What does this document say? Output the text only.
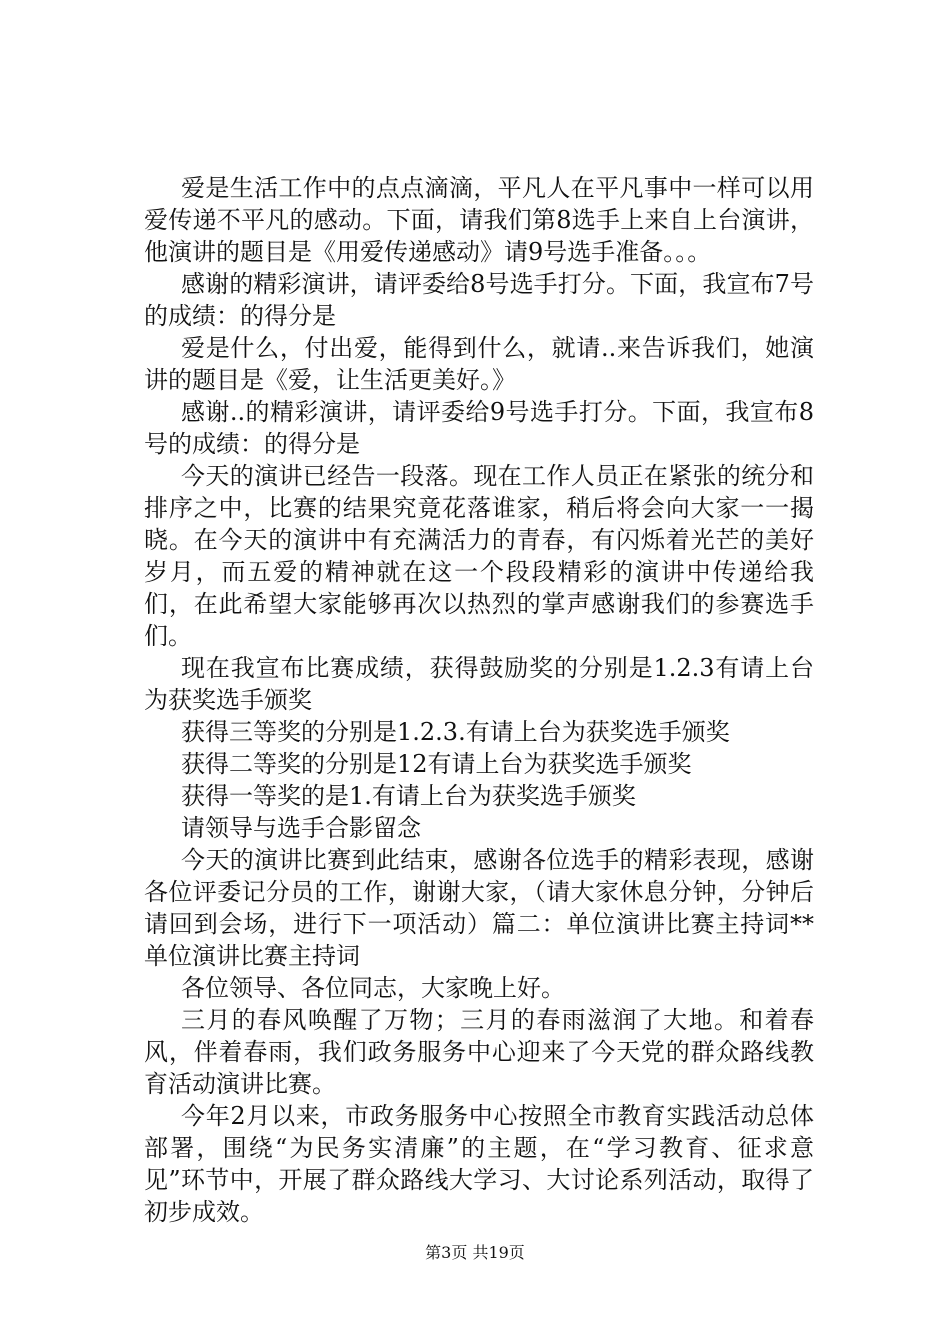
爱是生活工作中的点点滴滴，平凡人在平凡事中一样可以用爱传递不平凡的感动。下面，请我们第8选手上来自上台演讲，他演讲的题目是《用爱传递感动》请9号选手准备。。。

感谢的精彩演讲，请评委给8号选手打分。下面，我宣布7号的成绩：的得分是

爱是什么，付出爱，能得到什么，就请..来告诉我们，她演讲的题目是《爱，让生活更美好。》

感谢..的精彩演讲，请评委给9号选手打分。下面，我宣布8号的成绩：的得分是

今天的演讲已经告一段落。现在工作人员正在紧张的统分和排序之中，比赛的结果究竟花落谁家，稍后将会向大家一一揭晓。在今天的演讲中有充满活力的青春，有闪烁着光芒的美好岁月，而五爱的精神就在这一个段段精彩的演讲中传递给我们，在此希望大家能够再次以热烈的掌声感谢我们的参赛选手们。

现在我宣布比赛成绩，获得鼓励奖的分别是1.2.3有请上台为获奖选手颁奖

获得三等奖的分别是1.2.3.有请上台为获奖选手颁奖

获得二等奖的分别是12有请上台为获奖选手颁奖

获得一等奖的是1.有请上台为获奖选手颁奖

请领导与选手合影留念

今天的演讲比赛到此结束，感谢各位选手的精彩表现，感谢各位评委记分员的工作，谢谢大家，（请大家休息分钟，分钟后请回到会场，进行下一项活动）篇二：单位演讲比赛主持词**单位演讲比赛主持词

各位领导、各位同志，大家晚上好。

三月的春风唤醒了万物；三月的春雨滋润了大地。和着春风，伴着春雨，我们政务服务中心迎来了今天党的群众路线教育活动演讲比赛。

今年2月以来，市政务服务中心按照全市教育实践活动总体部署，围绕“为民务实清廉”的主题，在“学习教育、征求意见”环节中，开展了群众路线大学习、大讨论系列活动，取得了初步成效。

第3页 共19页
